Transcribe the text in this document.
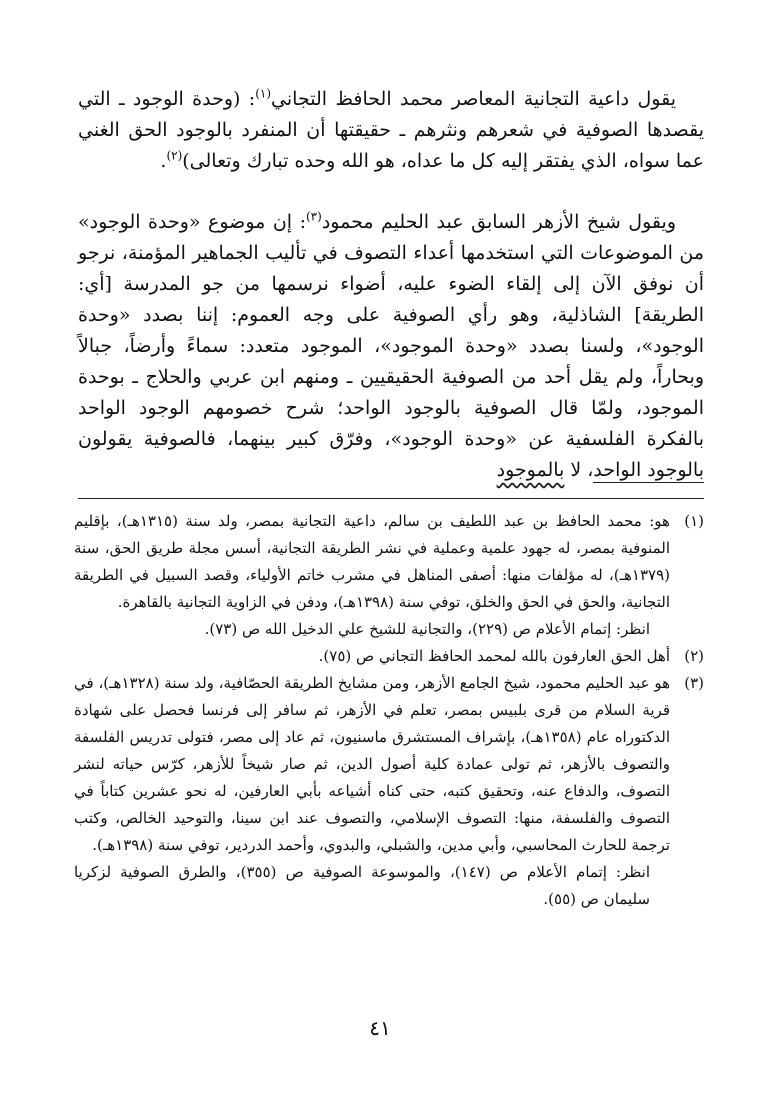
يقول داعية التجانية المعاصر محمد الحافظ التجاني$^{(١)}$: (وحدة الوجود ـ التي يقصدها الصوفية في شعرهم ونثرهم ـ حقيقتها أن المنفرد بالوجود الحق الغني عما سواه، الذي يفتقر إليه كل ما عداه، هو الله وحده تبارك وتعالى)$^{(٢)}$.

ويقول شيخ الأزهر السابق عبد الحليم محمود$^{(٣)}$: إن موضوع «وحدة الوجود» من الموضوعات التي استخدمها أعداء التصوف في تأليب الجماهير المؤمنة، نرجو أن نوفق الآن إلى إلقاء الضوء عليه، أضواء نرسمها من جو المدرسة [أي: الطريقة] الشاذلية، وهو رأي الصوفية على وجه العموم: إننا بصدد «وحدة الوجود»، ولسنا بصدد «وحدة الموجود»، الموجود متعدد: سماءً وأرضاً، جبالاً وبحاراً، ولم يقل أحد من الصوفية الحقيقيين ـ ومنهم ابن عربي والحلاج ـ بوحدة الموجود، ولمّا قال الصوفية بالوجود الواحد؛ شرح خصومهم الوجود الواحد بالفكرة الفلسفية عن «وحدة الوجود»، وفرّق كبير بينهما، فالصوفية يقولون بالوجود الواحد، لا بالموجود

(١)
هو: محمد الحافظ بن عبد اللطيف بن سالم، داعية التجانية بمصر، ولد سنة (١٣١٥هـ)، بإقليم المنوفية بمصر، له جهود علمية وعملية في نشر الطريقة التجانية، أسس مجلة طريق الحق، سنة (١٣٧٩هـ)، له مؤلفات منها: أصفى المناهل في مشرب خاتم الأولياء، وقصد السبيل في الطريقة التجانية، والحق في الحق والخلق، توفي سنة (١٣٩٨هـ)، ودفن في الزاوية التجانية بالقاهرة.
انظر: إتمام الأعلام ص (٢٢٩)، والتجانية للشيخ علي الدخيل الله ص (٧٣).
(٢)
أهل الحق العارفون بالله لمحمد الحافظ التجاني ص (٧٥).
(٣)
هو عبد الحليم محمود، شيخ الجامع الأزهر، ومن مشايخ الطريقة الحصّافية، ولد سنة (١٣٢٨هـ)، في قرية السلام من قرى بلبيس بمصر، تعلم في الأزهر، ثم سافر إلى فرنسا فحصل على شهادة الدكتوراه عام (١٣٥٨هـ)، بإشراف المستشرق ماسنيون، ثم عاد إلى مصر، فتولى تدريس الفلسفة والتصوف بالأزهر، ثم تولى عمادة كلية أصول الدين، ثم صار شيخاً للأزهر، كرّس حياته لنشر التصوف، والدفاع عنه، وتحقيق كتبه، حتى كناه أشياعه بأبي العارفين، له نحو عشرين كتاباً في التصوف والفلسفة، منها: التصوف الإسلامي، والتصوف عند ابن سينا، والتوحيد الخالص، وكتب ترجمة للحارث المحاسبي، وأبي مدين، والشبلي، والبدوي، وأحمد الدردير، توفي سنة (١٣٩٨هـ).
انظر: إتمام الأعلام ص (١٤٧)، والموسوعة الصوفية ص (٣٥٥)، والطرق الصوفية لزكريا سليمان ص (٥٥).
٤١
